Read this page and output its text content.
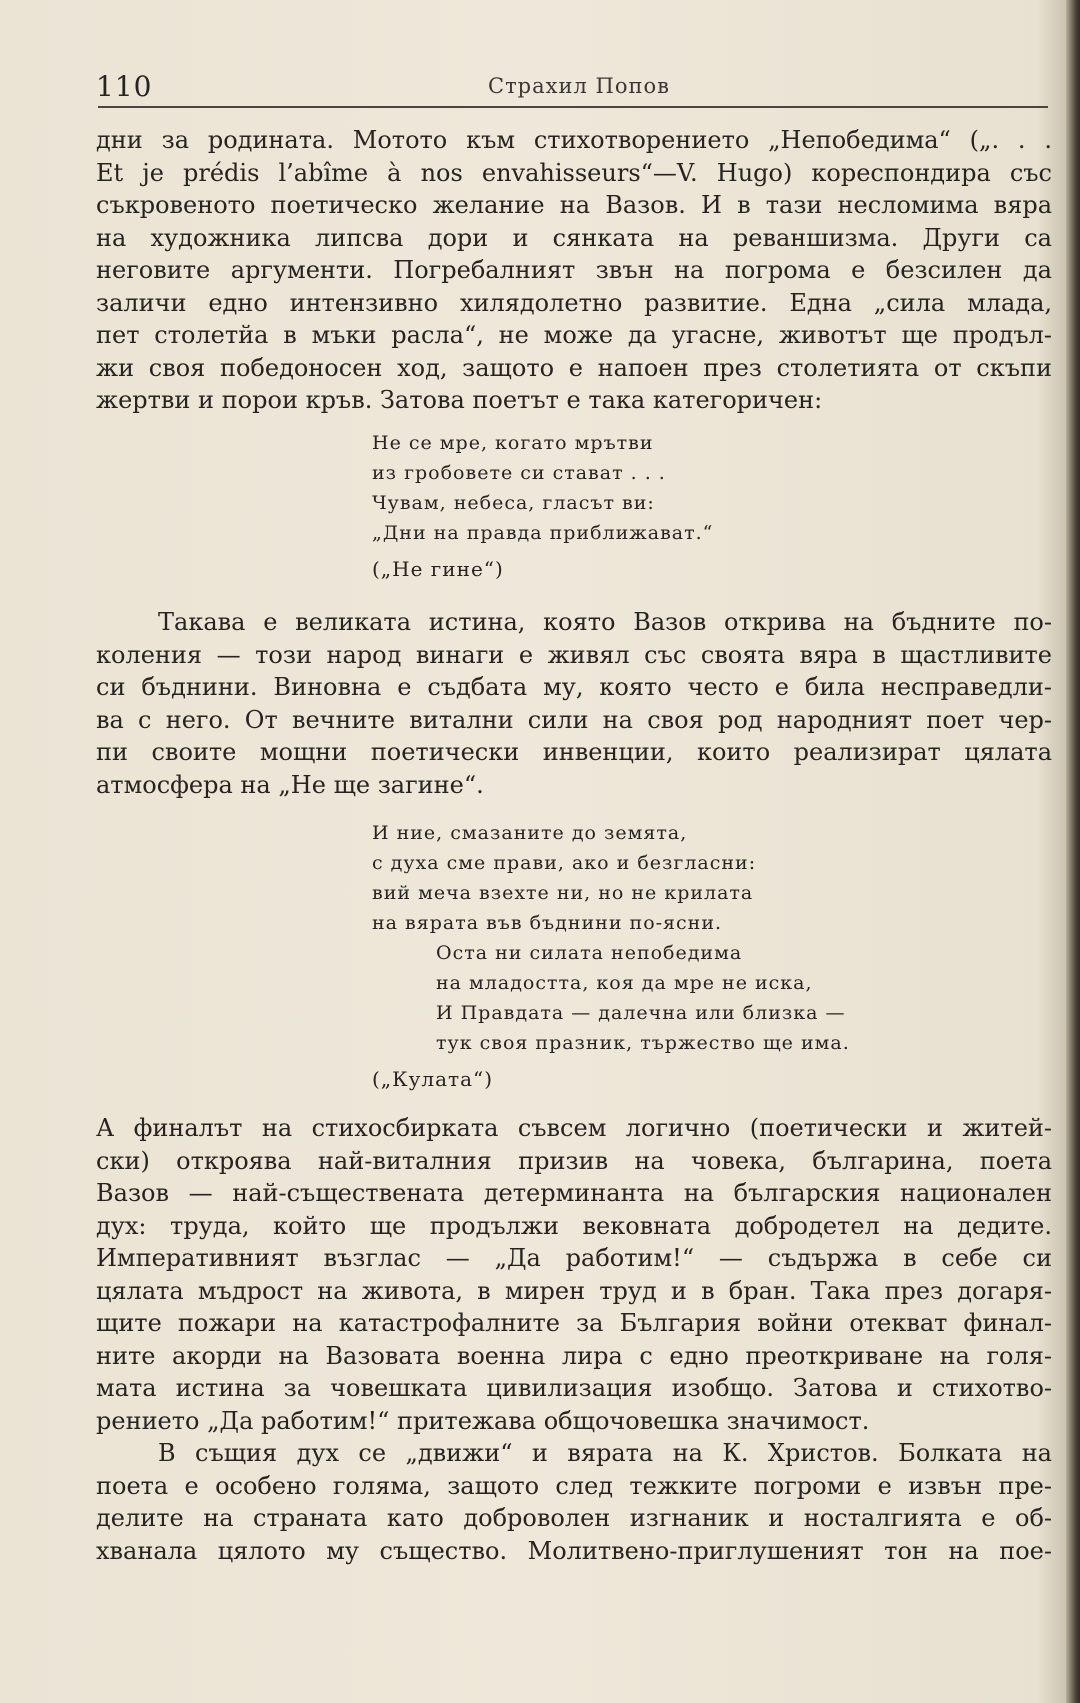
110	Страхил Попов
дни за родината. Мотото към стихотворението „Непобедима“ („. . .
Et je prédis l’abîme à nos envahisseurs“—V. Hugo) кореспондира със
съкровеното поетическо желание на Вазов. И в тази несломима вяра
на художника липсва дори и сянката на реваншизма. Други са
неговите аргументи. Погребалният звън на погрома е безсилен да
заличи едно интензивно хилядолетно развитие. Една „сила млада,
пет столетйа в мъки расла“, не може да угасне, животът ще продъл-
жи своя победоносен ход, защото е напоен през столетията от скъпи
жертви и порои кръв. Затова поетът е така категоричен:
Не се мре, когато мрътви
из гробовете си стават . . .
Чувам, небеса, гласът ви:
„Дни на правда приближават.“
(„Не гине“)
Такава е великата истина, която Вазов открива на бъдните по-
коления — този народ винаги е живял със своята вяра в щастливите
си бъднини. Виновна е съдбата му, която често е била несправедли-
ва с него. От вечните витални сили на своя род народният поет чер-
пи своите мощни поетически инвенции, които реализират цялата
атмосфера на „Не ще загине“.
И ние, смазаните до земята,
с духа сме прави, ако и безгласни:
вий меча взехте ни, но не крилата
на вярата във бъднини по-ясни.
Оста ни силата непобедима
на младостта, коя да мре не иска,
И Правдата — далечна или близка —
тук своя празник, тържество ще има.
(„Кулата“)
А финалът на стихосбирката съвсем логично (поетически и житей-
ски) откроява най-виталния призив на човека, българина, поета
Вазов — най-съществената детерминанта на българския национален
дух: труда, който ще продължи вековната добродетел на дедите.
Императивният възглас — „Да работим!“ — съдържа в себе си
цялата мъдрост на живота, в мирен труд и в бран. Така през догаря-
щите пожари на катастрофалните за България войни отекват финал-
ните акорди на Вазовата военна лира с едно преоткриване на голя-
мата истина за човешката цивилизация изобщо. Затова и стихотво-
рението „Да работим!“ притежава общочовешка значимост.
В същия дух се „движи“ и вярата на К. Христов. Болката на
поета е особено голяма, защото след тежките погроми е извън пре-
делите на страната като доброволен изгнаник и носталгията е об-
хванала цялото му същество. Молитвено-приглушеният тон на пое-
